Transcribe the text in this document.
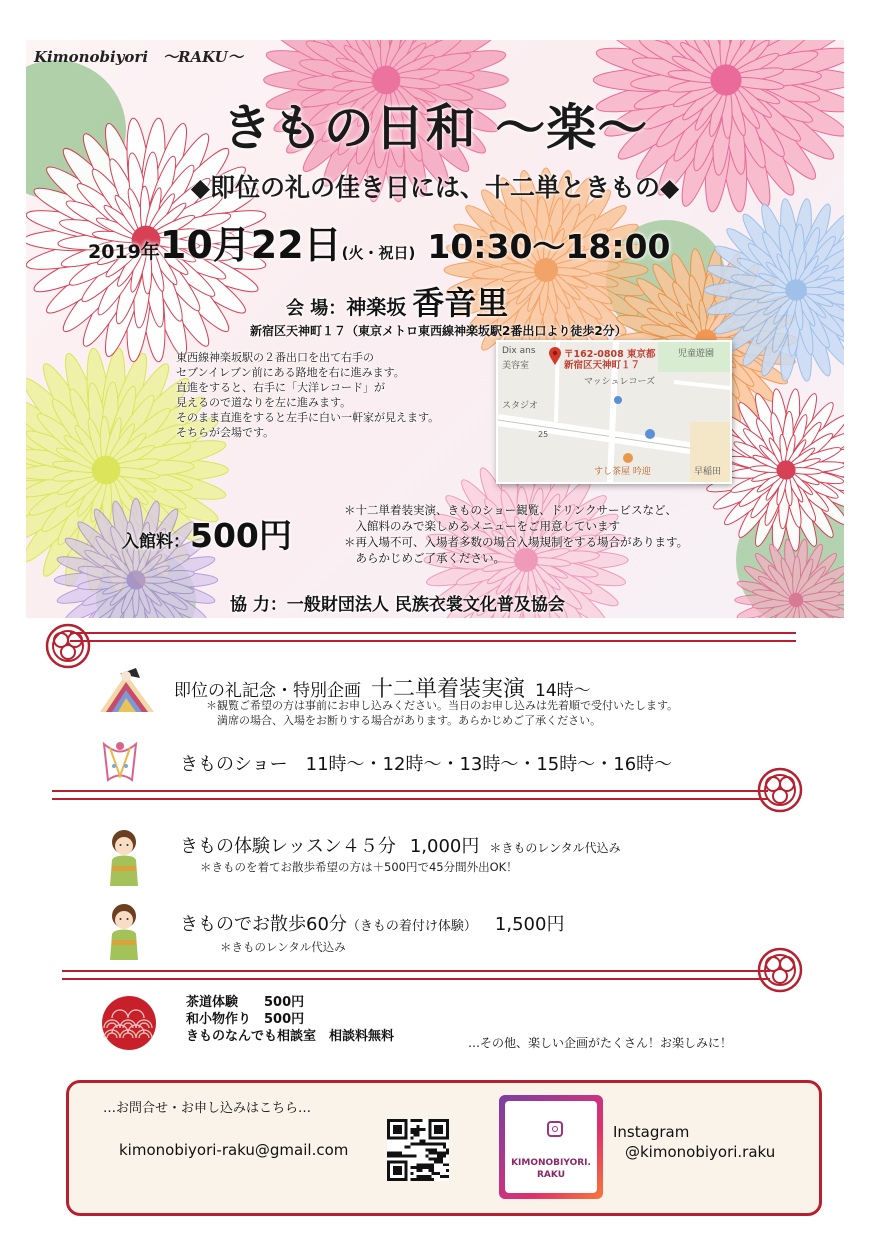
Kimonobiyori　～RAKU～
きもの日和 ～楽～
◆即位の礼の佳き日には、十二単ときもの◆
2019年10月22日(火・祝日) 10:30～18:00
会 場：神楽坂 香音里
新宿区天神町１７（東京メトロ東西線神楽坂駅2番出口より徒歩2分）
東西線神楽坂駅の２番出口を出て右手の
セブンイレブン前にある路地を右に進みます。
直進をすると、右手に「大洋レコード」が
見えるので道なりを左に進みます。
そのまま直進をすると左手に白い一軒家が見えます。
そちらが会場です。
Dix ans
美容室
児童遊園
マッシュレコーズ
スタジオ
すし茶屋 吟迎	早稲田
25
〒162-0808 東京都
新宿区天神町１７
入館料：500円
＊十二単着装実演、きものショー観覧、ドリンクサービスなど、
　入館料のみで楽しめるメニューをご用意しています
＊再入場不可、入場者多数の場合入場規制をする場合があります。
　あらかじめご了承ください。
協 力：一般財団法人 民族衣裳文化普及協会
即位の礼記念・特別企画 十二単着装実演 14時～
＊観覧ご希望の方は事前にお申し込みください。当日のお申し込みは先着順で受付いたします。
　満席の場合、入場をお断りする場合があります。あらかじめご了承ください。
きものショー　11時～・12時～・13時～・15時～・16時～
きもの体験レッスン４５分 1,000円 ＊きものレンタル代込み
＊きものを着てお散歩希望の方は＋500円で45分間外出OK！
きものでお散歩60分（きもの着付け体験） 1,500円
＊きものレンタル代込み
茶道体験　　500円
和小物作り　500円
きものなんでも相談室　相談料無料	…その他、楽しい企画がたくさん！お楽しみに！
…お問合せ・お申し込みはこちら…
kimonobiyori-raku@gmail.com
KIMONOBIYORI.
RAKU
Instagram
@kimonobiyori.raku
